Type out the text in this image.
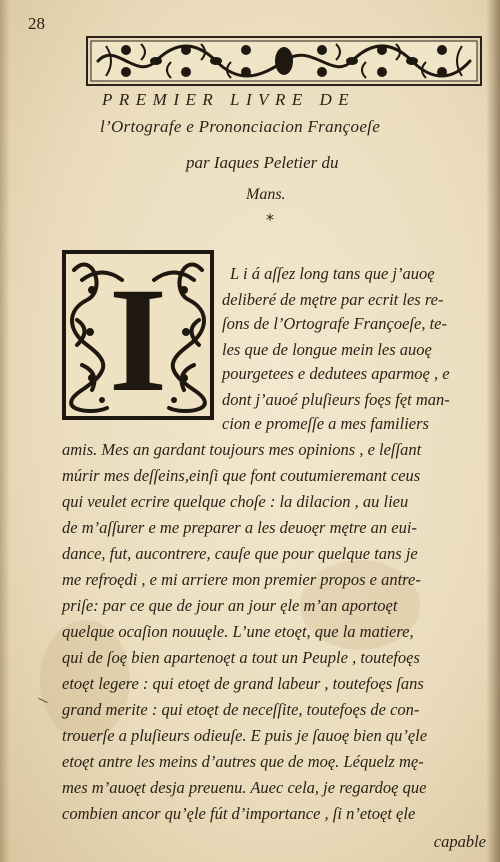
28
PREMIER LIVRE DE
l’Ortografe e Prononciacion Françoeſe
par Iaques Peletier du
Mans.
*
I	L i á aſſez long tans que j’auoę
deliberé de mętre par ecrit les re-
ſons de l’Ortografe Françoeſe, te-
les que de longue mein les auoę
pourgetees e dedutees aparmoę , e
dont j’auoé pluſieurs foęs fęt man-
cion e promeſſe a mes familiers
amis. Mes an gardant toujours mes opinions , e leſſant
múrir mes deſſeins,einſi que font coutumieremant ceus
qui veulet ecrire quelque choſe : la dilacion , au lieu
de m’aſſurer e me preparer a les deuoęr mętre an eui-
dance, fut, aucontrere, cauſe que pour quelque tans je
me refroędi , e mi arriere mon premier propos e antre-
priſe: par ce que de jour an jour ęle m’an aportoęt
quelque ocaſion nouuęle. L’une etoęt, que la matiere,
qui de ſoę bien apartenoęt a tout un Peuple , toutefoęs
etoęt legere : qui etoęt de grand labeur , toutefoęs ſans
grand merite : qui etoęt de neceſſite, toutefoęs de con-
trouerſe a pluſieurs odieuſe. E puis je ſauoę bien qu’ęle
etoęt antre les meins d’autres que de moę. Léquelz mę-
mes m’auoęt desja preuenu. Auec cela, je regardoę que
combien ancor qu’ęle fút d’importance , ſi n’etoęt ęle
capable
